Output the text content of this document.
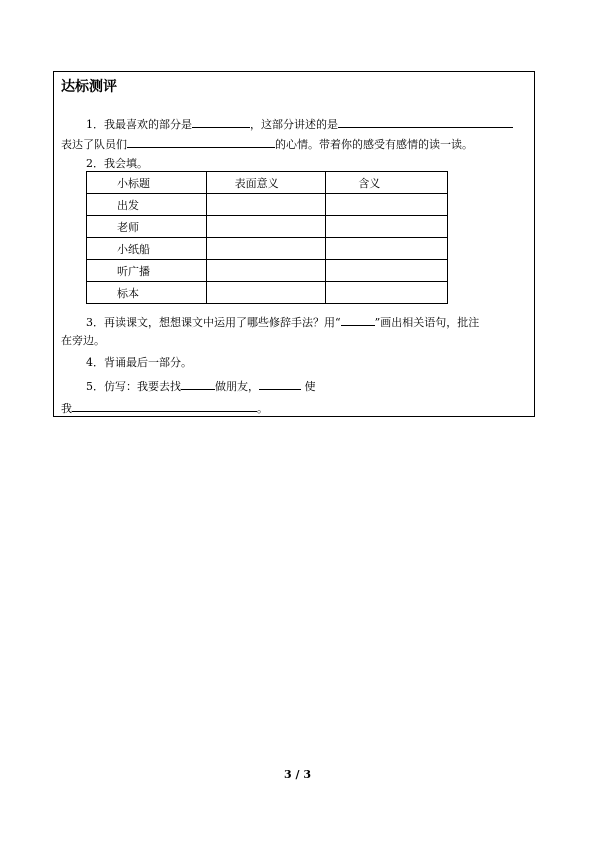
达标测评
1．我最喜欢的部分是	，这部分讲述的是
表达了队员们	的心情。带着你的感受有感情的读一读。
2．我会填。
小标题	表面意义	含义
出发		
老师		
小纸船		
听广播		
标本		
3．再读课文，想想课文中运用了哪些修辞手法？用“	”画出相关语句，批注
在旁边。
4．背诵最后一部分。
5．仿写：我要去找	做朋友，	使
我	。
3 / 3
